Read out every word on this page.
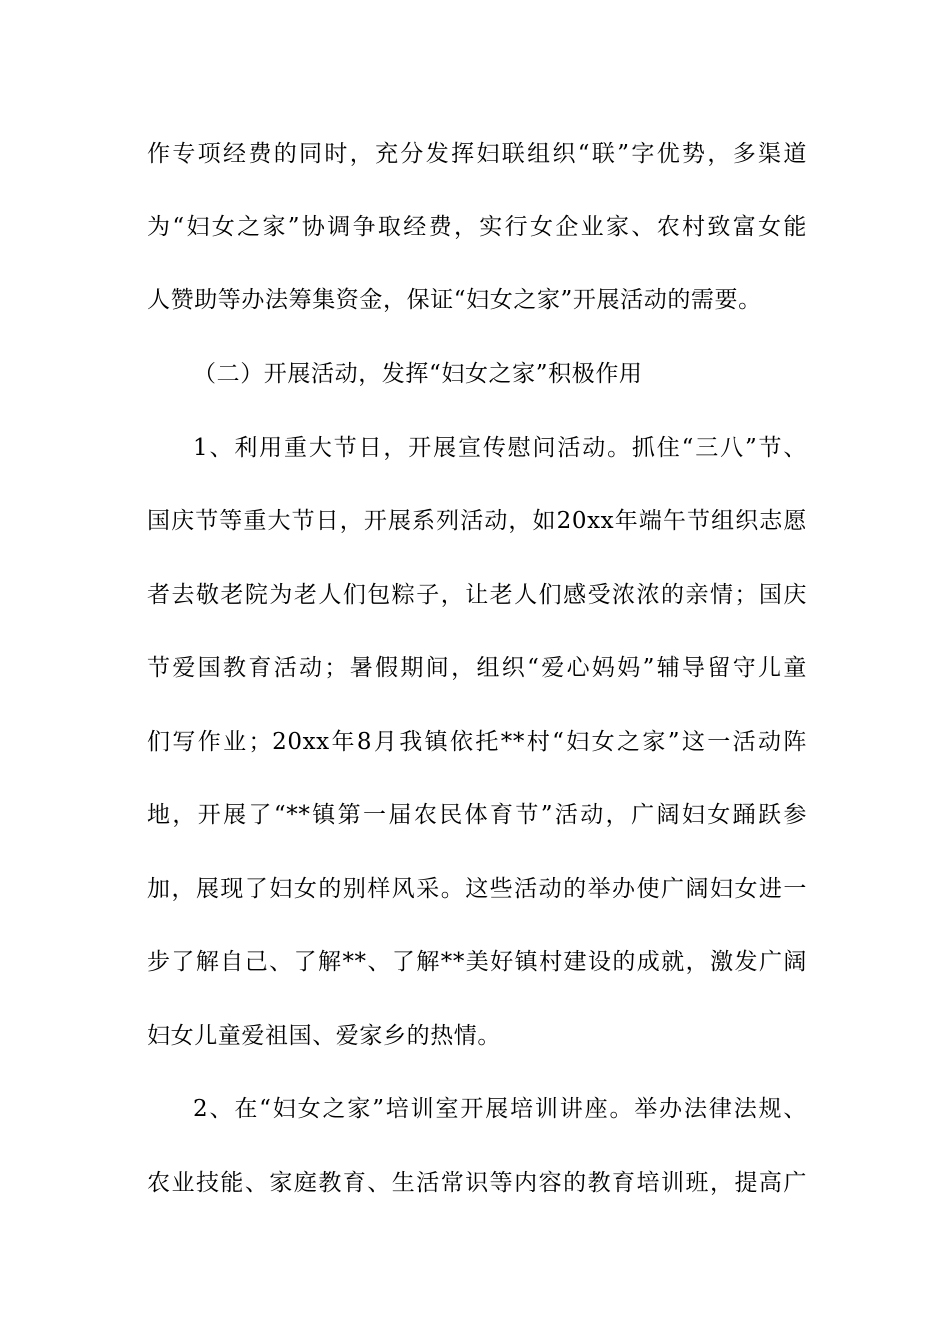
作专项经费的同时，充分发挥妇联组织“联”字优势，多渠道
为“妇女之家”协调争取经费，实行女企业家、农村致富女能
人赞助等办法筹集资金，保证“妇女之家”开展活动的需要。
（二）开展活动，发挥“妇女之家”积极作用
1、利用重大节日，开展宣传慰问活动。抓住“三八”节、
国庆节等重大节日，开展系列活动，如20xx年端午节组织志愿
者去敬老院为老人们包粽子，让老人们感受浓浓的亲情；国庆
节爱国教育活动；暑假期间，组织“爱心妈妈”辅导留守儿童
们写作业；20xx年8月我镇依托**村“妇女之家”这一活动阵
地，开展了“**镇第一届农民体育节”活动，广阔妇女踊跃参
加，展现了妇女的别样风采。这些活动的举办使广阔妇女进一
步了解自己、了解**、了解**美好镇村建设的成就，激发广阔
妇女儿童爱祖国、爱家乡的热情。
2、在“妇女之家”培训室开展培训讲座。举办法律法规、
农业技能、家庭教育、生活常识等内容的教育培训班，提高广
